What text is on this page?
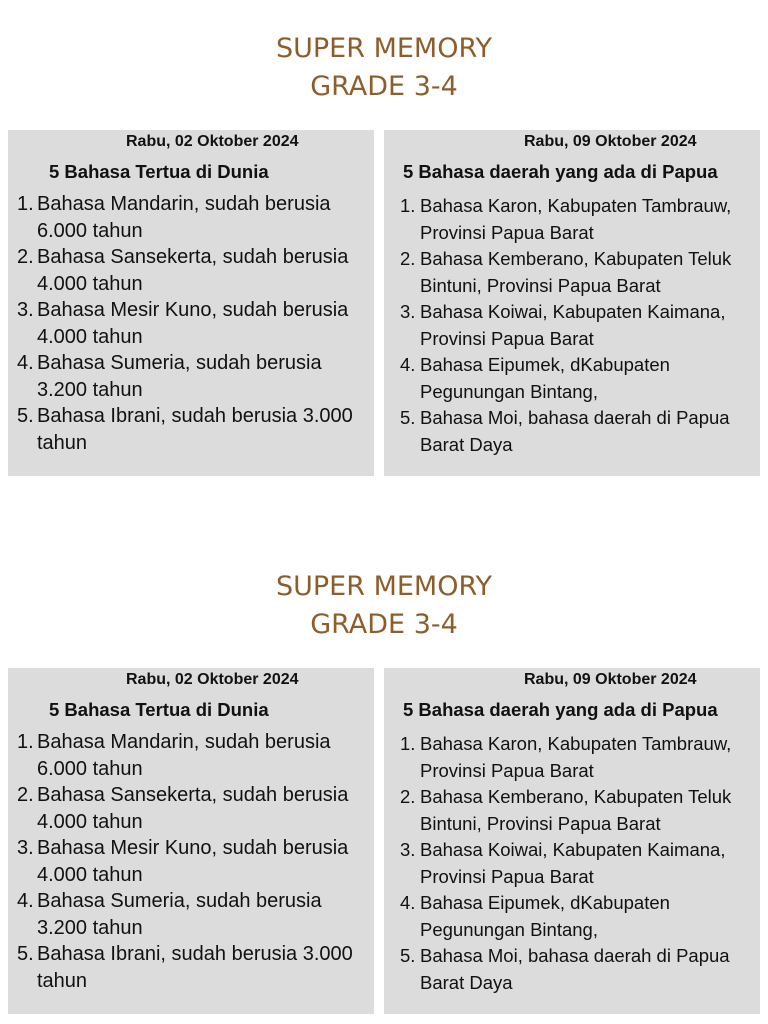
SUPER MEMORY
GRADE 3-4
Rabu, 02 Oktober 2024
5 Bahasa Tertua di Dunia
1. Bahasa Mandarin, sudah berusia 6.000 tahun
2. Bahasa Sansekerta, sudah berusia 4.000 tahun
3. Bahasa Mesir Kuno, sudah berusia 4.000 tahun
4. Bahasa Sumeria, sudah berusia 3.200 tahun
5. Bahasa Ibrani, sudah berusia 3.000 tahun
Rabu, 09 Oktober 2024
5 Bahasa daerah yang ada di Papua
1. Bahasa Karon, Kabupaten Tambrauw, Provinsi Papua Barat
2. Bahasa Kemberano, Kabupaten Teluk Bintuni, Provinsi Papua Barat
3. Bahasa Koiwai, Kabupaten Kaimana, Provinsi Papua Barat
4. Bahasa Eipumek, dKabupaten Pegunungan Bintang,
5. Bahasa Moi, bahasa daerah di Papua Barat Daya
SUPER MEMORY
GRADE 3-4
Rabu, 02 Oktober 2024
5 Bahasa Tertua di Dunia
1. Bahasa Mandarin, sudah berusia 6.000 tahun
2. Bahasa Sansekerta, sudah berusia 4.000 tahun
3. Bahasa Mesir Kuno, sudah berusia 4.000 tahun
4. Bahasa Sumeria, sudah berusia 3.200 tahun
5. Bahasa Ibrani, sudah berusia 3.000 tahun
Rabu, 09 Oktober 2024
5 Bahasa daerah yang ada di Papua
1. Bahasa Karon, Kabupaten Tambrauw, Provinsi Papua Barat
2. Bahasa Kemberano, Kabupaten Teluk Bintuni, Provinsi Papua Barat
3. Bahasa Koiwai, Kabupaten Kaimana, Provinsi Papua Barat
4. Bahasa Eipumek, dKabupaten Pegunungan Bintang,
5. Bahasa Moi, bahasa daerah di Papua Barat Daya
